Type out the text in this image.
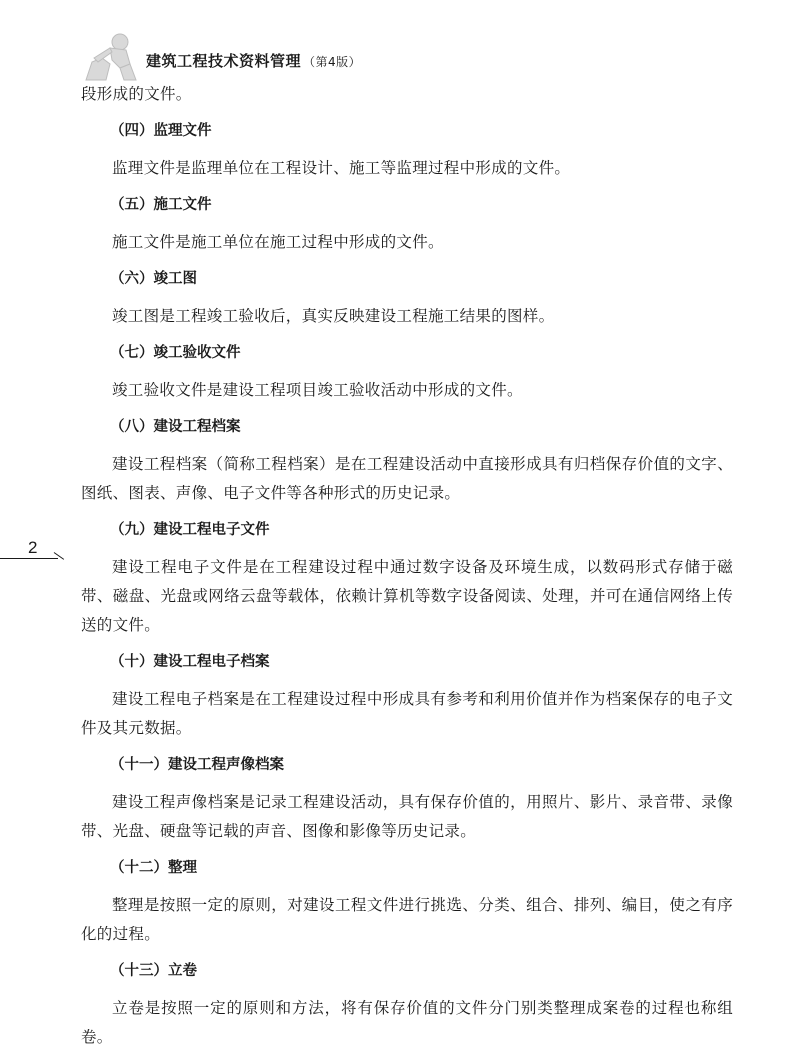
建筑工程技术资料管理 （第4版）
2

段形成的文件。

（四）监理文件

监理文件是监理单位在工程设计、施工等监理过程中形成的文件。

（五）施工文件

施工文件是施工单位在施工过程中形成的文件。

（六）竣工图

竣工图是工程竣工验收后，真实反映建设工程施工结果的图样。

（七）竣工验收文件

竣工验收文件是建设工程项目竣工验收活动中形成的文件。

（八）建设工程档案

建设工程档案（简称工程档案）是在工程建设活动中直接形成具有归档保存价值的文字、图纸、图表、声像、电子文件等各种形式的历史记录。

（九）建设工程电子文件

建设工程电子文件是在工程建设过程中通过数字设备及环境生成，以数码形式存储于磁带、磁盘、光盘或网络云盘等载体，依赖计算机等数字设备阅读、处理，并可在通信网络上传送的文件。

（十）建设工程电子档案

建设工程电子档案是在工程建设过程中形成具有参考和利用价值并作为档案保存的电子文件及其元数据。

（十一）建设工程声像档案

建设工程声像档案是记录工程建设活动，具有保存价值的，用照片、影片、录音带、录像带、光盘、硬盘等记载的声音、图像和影像等历史记录。

（十二）整理

整理是按照一定的原则，对建设工程文件进行挑选、分类、组合、排列、编目，使之有序化的过程。

（十三）立卷

立卷是按照一定的原则和方法，将有保存价值的文件分门别类整理成案卷的过程也称组卷。
